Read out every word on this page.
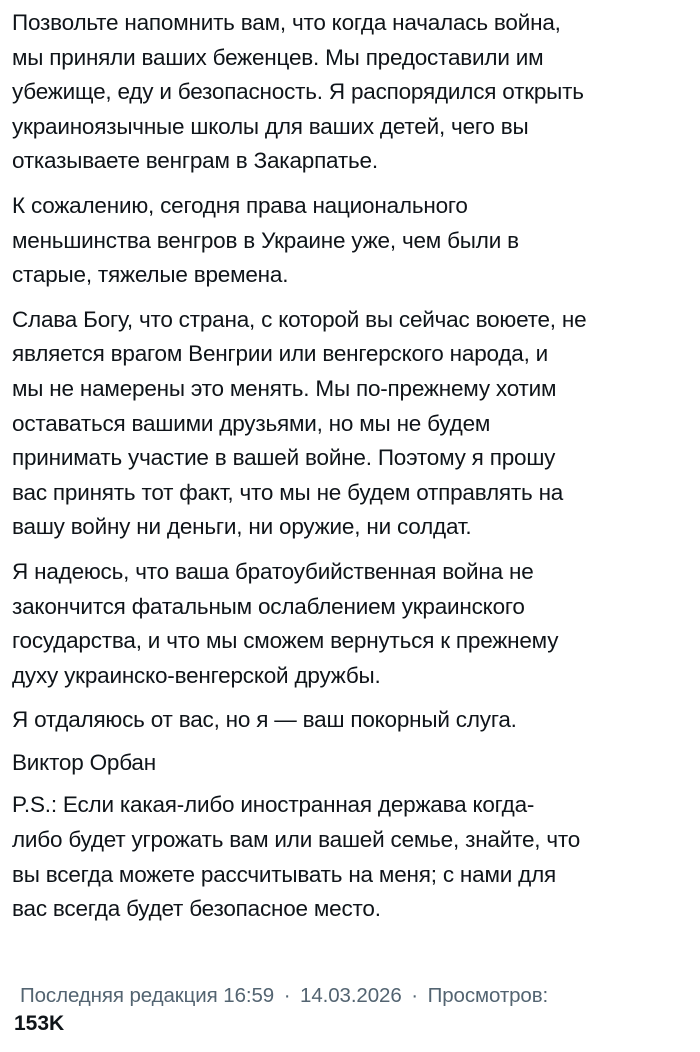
Позвольте напомнить вам, что когда началась война,
мы приняли ваших беженцев. Мы предоставили им
убежище, еду и безопасность. Я распорядился открыть
украиноязычные школы для ваших детей, чего вы
отказываете венграм в Закарпатье.

К сожалению, сегодня права национального
меньшинства венгров в Украине уже, чем были в
старые, тяжелые времена.

Слава Богу, что страна, с которой вы сейчас воюете, не
является врагом Венгрии или венгерского народа, и
мы не намерены это менять. Мы по-прежнему хотим
оставаться вашими друзьями, но мы не будем
принимать участие в вашей войне. Поэтому я прошу
вас принять тот факт, что мы не будем отправлять на
вашу войну ни деньги, ни оружие, ни солдат.

Я надеюсь, что ваша братоубийственная война не
закончится фатальным ослаблением украинского
государства, и что мы сможем вернуться к прежнему
духу украинско-венгерской дружбы.

Я отдаляюсь от вас, но я — ваш покорный слуга.

Виктор Орбан

P.S.: Если какая-либо иностранная держава когда-
либо будет угрожать вам или вашей семье, знайте, что
вы всегда можете рассчитывать на меня; с нами для
вас всегда будет безопасное место.

Последняя редакция 16:59 · 14.03.2026 · Просмотров:
153K
